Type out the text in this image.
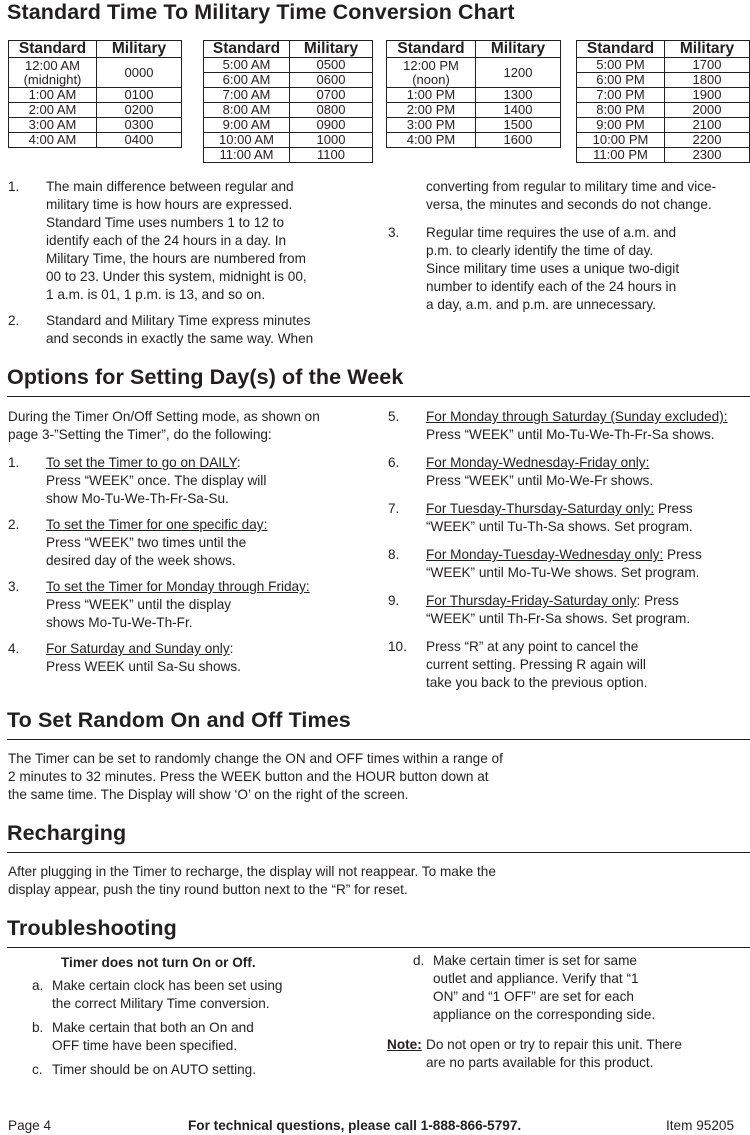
Standard Time To Military Time Conversion Chart
Standard	Military

12:00 AM
(midnight)	0000

1:00 AM	0100

2:00 AM	0200

3:00 AM	0300

4:00 AM	0400
Standard	Military

5:00 AM	0500

6:00 AM	0600

7:00 AM	0700

8:00 AM	0800

9:00 AM	0900

10:00 AM	1000

11:00 AM	1100
Standard	Military

12:00 PM
(noon)	1200

1:00 PM	1300

2:00 PM	1400

3:00 PM	1500

4:00 PM	1600
Standard	Military

5:00 PM	1700

6:00 PM	1800

7:00 PM	1900

8:00 PM	2000

9:00 PM	2100

10:00 PM	2200

11:00 PM	2300
1. The main difference between regular and
military time is how hours are expressed.
Standard Time uses numbers 1 to 12 to
identify each of the 24 hours in a day. In
Military Time, the hours are numbered from
00 to 23. Under this system, midnight is 00,
1 a.m. is 01, 1 p.m. is 13, and so on.
2. Standard and Military Time express minutes
and seconds in exactly the same way. When
converting from regular to military time and vice-
versa, the minutes and seconds do not change.
3. Regular time requires the use of a.m. and
p.m. to clearly identify the time of day.
Since military time uses a unique two-digit
number to identify each of the 24 hours in
a day, a.m. and p.m. are unnecessary.
Options for Setting Day(s) of the Week
During the Timer On/Off Setting mode, as shown on
page 3-”Setting the Timer”, do the following:
1. To set the Timer to go on DAILY:
Press “WEEK” once. The display will
show Mo-Tu-We-Th-Fr-Sa-Su.
2. To set the Timer for one specific day:
Press “WEEK” two times until the
desired day of the week shows.
3. To set the Timer for Monday through Friday:
Press “WEEK” until the display
shows Mo-Tu-We-Th-Fr.
4. For Saturday and Sunday only:
Press WEEK until Sa-Su shows.
5. For Monday through Saturday (Sunday excluded):
Press “WEEK” until Mo-Tu-We-Th-Fr-Sa shows.
6. For Monday-Wednesday-Friday only:
Press “WEEK” until Mo-We-Fr shows.
7. For Tuesday-Thursday-Saturday only: Press
“WEEK” until Tu-Th-Sa shows. Set program.
8. For Monday-Tuesday-Wednesday only: Press
“WEEK” until Mo-Tu-We shows. Set program.
9. For Thursday-Friday-Saturday only: Press
“WEEK” until Th-Fr-Sa shows. Set program.
10. Press “R” at any point to cancel the
current setting. Pressing R again will
take you back to the previous option.
To Set Random On and Off Times
The Timer can be set to randomly change the ON and OFF times within a range of
2 minutes to 32 minutes. Press the WEEK button and the HOUR button down at
the same time. The Display will show ‘O’ on the right of the screen.
Recharging
After plugging in the Timer to recharge, the display will not reappear. To make the
display appear, push the tiny round button next to the “R” for reset.
Troubleshooting
Timer does not turn On or Off.
a. Make certain clock has been set using
the correct Military Time conversion.
b. Make certain that both an On and
OFF time have been specified.
c. Timer should be on AUTO setting.
d. Make certain timer is set for same
outlet and appliance. Verify that “1
ON” and “1 OFF” are set for each
appliance on the corresponding side.
Note: Do not open or try to repair this unit. There
are no parts available for this product.
Page 4	For technical questions, please call 1-888-866-5797.	Item 95205
